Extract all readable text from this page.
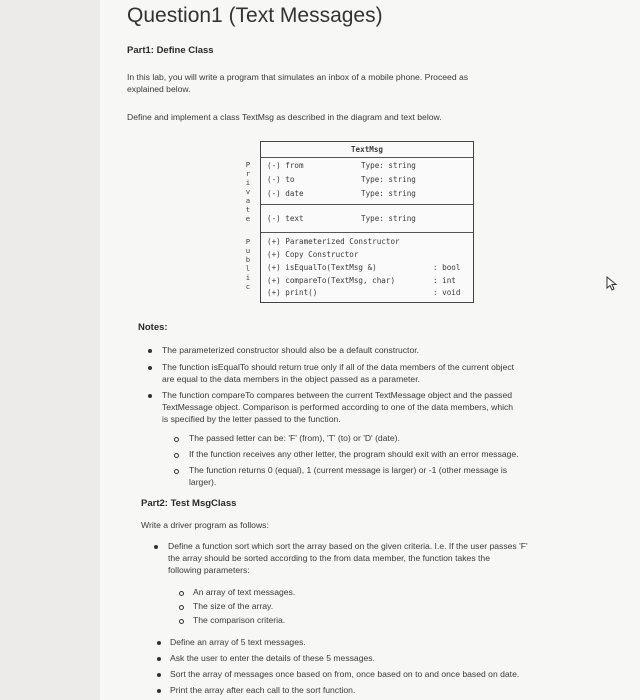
Question1 (Text Messages)
Part1: Define Class
In this lab, you will write a program that simulates an inbox of a mobile phone. Proceed as
explained below.
Define and implement a class TextMsg as described in the diagram and text below.
P
r
i
v
a
t
e
P
u
b
l
i
c
TextMsg
(-) from	Type: string
(-) to	Type: string
(-) date	Type: string
(-) text	Type: string
(+) Parameterized Constructor
(+) Copy Constructor
(+) isEqualTo(TextMsg &)	: bool
(+) compareTo(TextMsg, char)	: int
(+) print()	: void
Notes:
The parameterized constructor should also be a default constructor.
The function isEqualTo should return true only if all of the data members of the current object
are equal to the data members in the object passed as a parameter.
The function compareTo compares between the current TextMessage object and the passed
TextMessage object. Comparison is performed according to one of the data members, which
is specified by the letter passed to the function.
The passed letter can be: 'F' (from), 'T' (to) or 'D' (date).
If the function receives any other letter, the program should exit with an error message.
The function returns 0 (equal), 1 (current message is larger) or -1 (other message is
larger).
Part2: Test MsgClass
Write a driver program as follows:
Define a function sort which sort the array based on the given criteria. I.e. If the user passes 'F'
the array should be sorted according to the from data member, the function takes the
following parameters:
An array of text messages.
The size of the array.
The comparison criteria.
Define an array of 5 text messages.
Ask the user to enter the details of these 5 messages.
Sort the array of messages once based on from, once based on to and once based on date.
Print the array after each call to the sort function.
